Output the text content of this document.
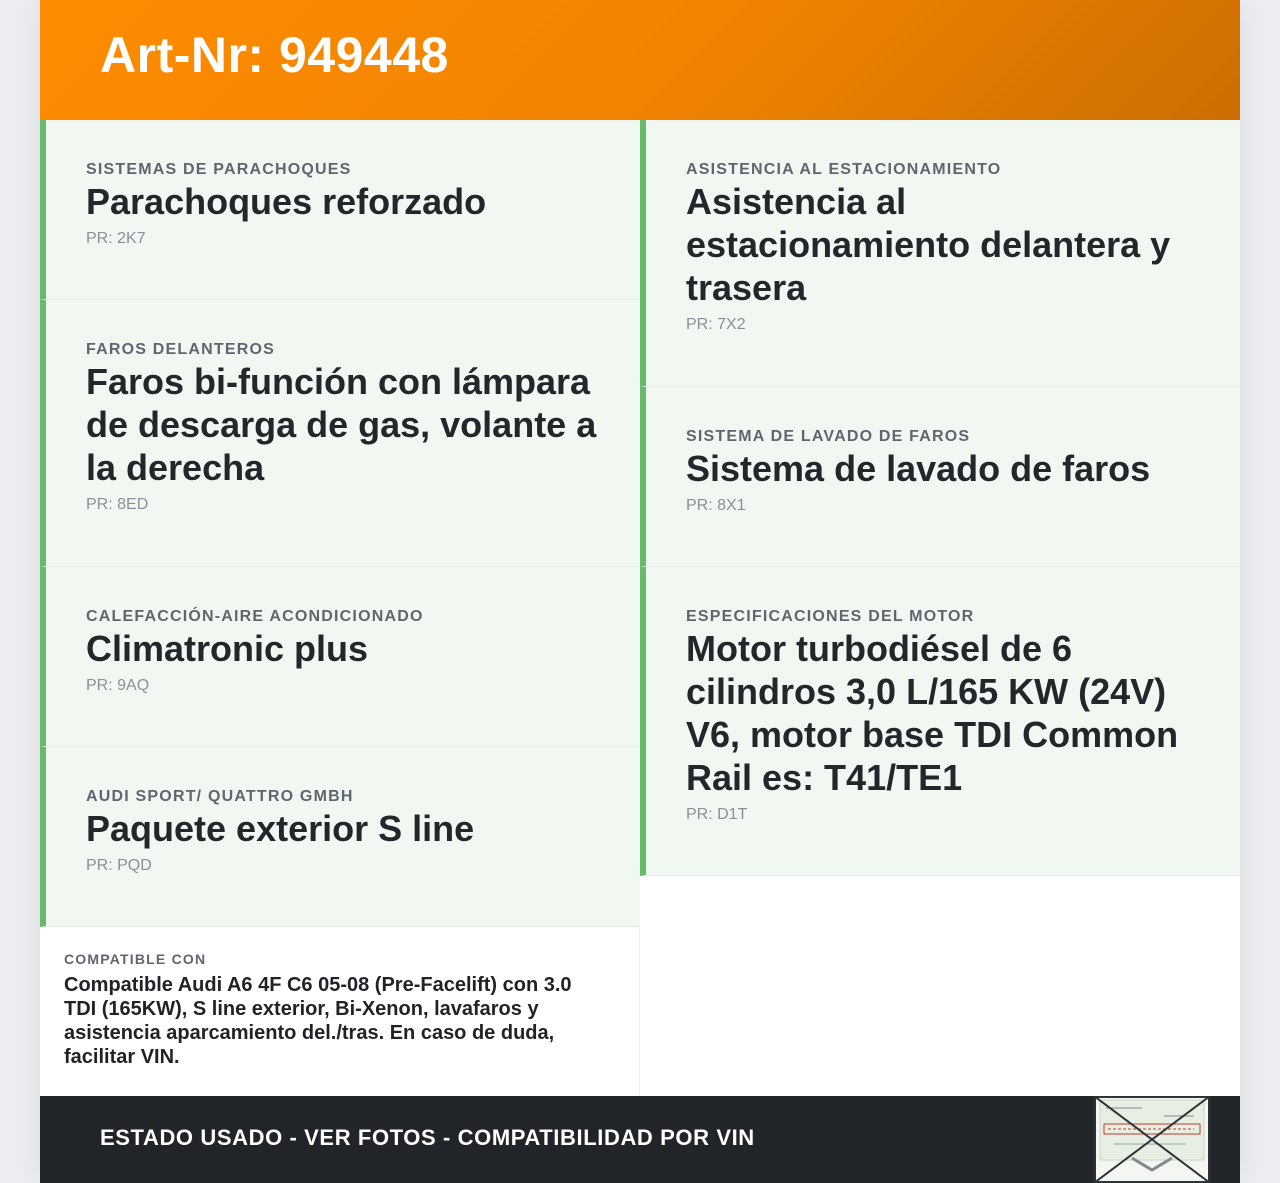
Art-Nr: 949448

SISTEMAS DE PARACHOQUES

Parachoques reforzado

PR: 2K7

FAROS DELANTEROS

Faros bi-función con lámpara de descarga de gas, volante a la derecha

PR: 8ED

CALEFACCIÓN-AIRE ACONDICIONADO

Climatronic plus

PR: 9AQ

AUDI SPORT/ QUATTRO GMBH

Paquete exterior S line

PR: PQD

COMPATIBLE CON

Compatible Audi A6 4F C6 05-08 (Pre-Facelift) con 3.0 TDI (165KW), S line exterior, Bi-Xenon, lavafaros y asistencia aparcamiento del./tras. En caso de duda, facilitar VIN.

ASISTENCIA AL ESTACIONAMIENTO

Asistencia al estacionamiento delantera y trasera

PR: 7X2

SISTEMA DE LAVADO DE FAROS

Sistema de lavado de faros

PR: 8X1

ESPECIFICACIONES DEL MOTOR

Motor turbodiésel de 6 cilindros 3,0 L/165 KW (24V) V6, motor base TDI Common Rail es: T41/TE1

PR: D1T
ESTADO USADO - VER FOTOS - COMPATIBILIDAD POR VIN
